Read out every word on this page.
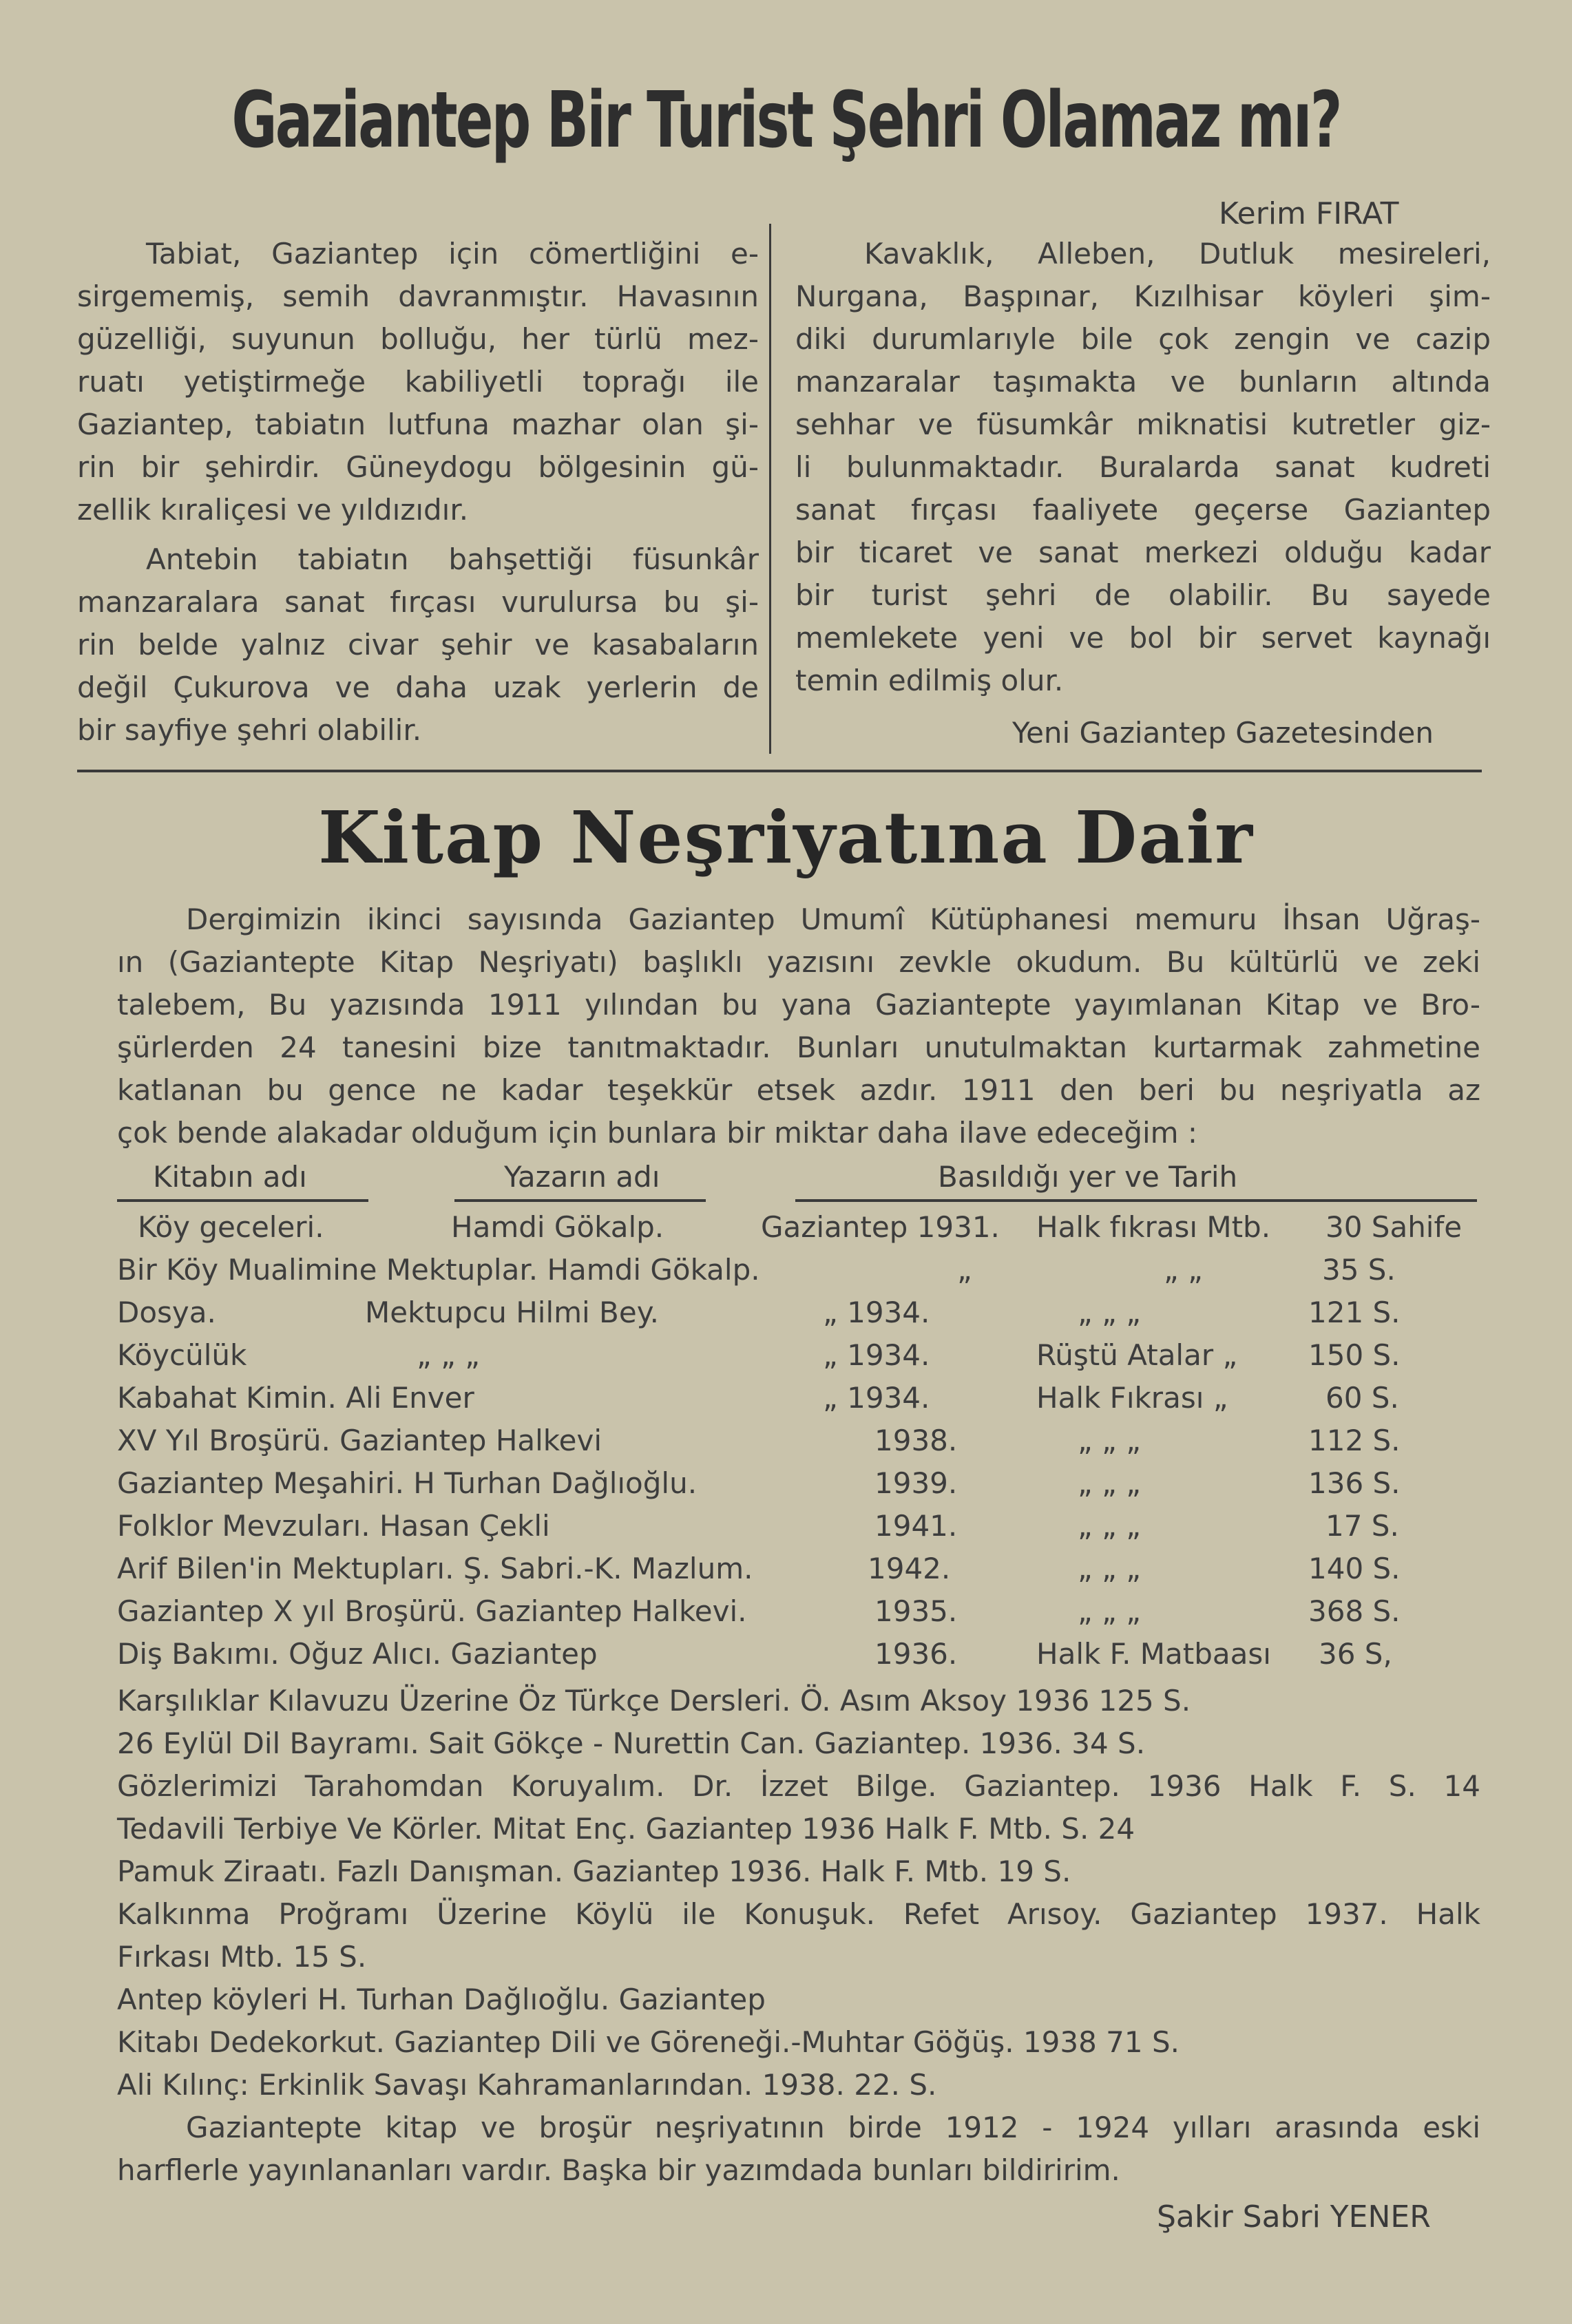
Gaziantep Bir Turist Şehri Olamaz mı?
Kerim FIRAT

Tabiat, Gaziantep için cömertliğini e-

sirgememiş, semih davranmıştır. Havasının

güzelliği, suyunun bolluğu, her türlü mez-

ruatı yetiştirmeğe kabiliyetli toprağı ile

Gaziantep, tabiatın lutfuna mazhar olan şi-

rin bir şehirdir. Güneydogu bölgesinin gü-

zellik kıraliçesi ve yıldızıdır.

Antebin tabiatın bahşettiği füsunkâr

manzaralara sanat fırçası vurulursa bu şi-

rin belde yalnız civar şehir ve kasabaların

değil Çukurova ve daha uzak yerlerin de

bir sayfiye şehri olabilir.

Kavaklık, Alleben, Dutluk mesireleri,

Nurgana, Başpınar, Kızılhisar köyleri şim-

diki durumlarıyle bile çok zengin ve cazip

manzaralar taşımakta ve bunların altında

sehhar ve füsumkâr miknatisi kutretler giz-

li bulunmaktadır. Buralarda sanat kudreti

sanat fırçası faaliyete geçerse Gaziantep

bir ticaret ve sanat merkezi olduğu kadar

bir turist şehri de olabilir. Bu sayede

memlekete yeni ve bol bir servet kaynağı

temin edilmiş olur.

Yeni Gaziantep Gazetesinden
Kitap Neşriyatına Dair

Dergimizin ikinci sayısında Gaziantep Umumî Kütüphanesi memuru İhsan Uğraş-

ın (Gaziantepte Kitap Neşriyatı) başlıklı yazısını zevkle okudum. Bu kültürlü ve zeki

talebem, Bu yazısında 1911 yılından bu yana Gaziantepte yayımlanan Kitap ve Bro-

şürlerden 24 tanesini bize tanıtmaktadır. Bunları unutulmaktan kurtarmak zahmetine

katlanan bu gence ne kadar teşekkür etsek azdır. 1911 den beri bu neşriyatla az

çok bende alakadar olduğum için bunlara bir miktar daha ilave edeceğim :

Kitabın adı	Yazarın adı	Basıldığı yer ve Tarih
Köy geceleri.	Hamdi Gökalp.	Gaziantep 1931. Halk fıkrası Mtb. 30 Sahife
Bir Köy Mualimine Mektuplar. Hamdi Gökalp.	„	„ „	35 S.
Dosya.	Mektupcu Hilmi Bey.	„ 1934.	„ „ „	121 S.
Köycülük	„ „ „	„ 1934.	Rüştü Atalar „ 150 S.
Kabahat Kimin. Ali Enver	„ 1934.	Halk Fıkrası „	60 S.
XV Yıl Broşürü. Gaziantep Halkevi	1938.	„ „ „	112 S.
Gaziantep Meşahiri. H Turhan Dağlıoğlu.	1939.	„ „ „	136 S.
Folklor Mevzuları. Hasan Çekli	1941.	„ „ „	17 S.
Arif Bilen'in Mektupları. Ş. Sabri.-K. Mazlum.	1942.	„ „ „	140 S.
Gaziantep X yıl Broşürü. Gaziantep Halkevi.	1935.	„ „ „	368 S.
Diş Bakımı. Oğuz Alıcı. Gaziantep	1936.	Halk F. Matbaası 36 S,

Karşılıklar Kılavuzu Üzerine Öz Türkçe Dersleri. Ö. Asım Aksoy 1936 125 S.

26 Eylül Dil Bayramı. Sait Gökçe - Nurettin Can. Gaziantep. 1936. 34 S.

Gözlerimizi Tarahomdan Koruyalım. Dr. İzzet Bilge. Gaziantep. 1936 Halk F. S. 14

Tedavili Terbiye Ve Körler. Mitat Enç. Gaziantep 1936 Halk F. Mtb. S. 24

Pamuk Ziraatı. Fazlı Danışman. Gaziantep 1936. Halk F. Mtb. 19 S.

Kalkınma Proğramı Üzerine Köylü ile Konuşuk. Refet Arısoy. Gaziantep 1937. Halk

Fırkası Mtb. 15 S.

Antep köyleri H. Turhan Dağlıoğlu. Gaziantep

Kitabı Dedekorkut. Gaziantep Dili ve Göreneği.-Muhtar Göğüş. 1938 71 S.

Ali Kılınç: Erkinlik Savaşı Kahramanlarından. 1938. 22. S.

Gaziantepte kitap ve broşür neşriyatının birde 1912 - 1924 yılları arasında eski

harflerle yayınlananları vardır. Başka bir yazımdada bunları bildiririm.

Şakir Sabri YENER
